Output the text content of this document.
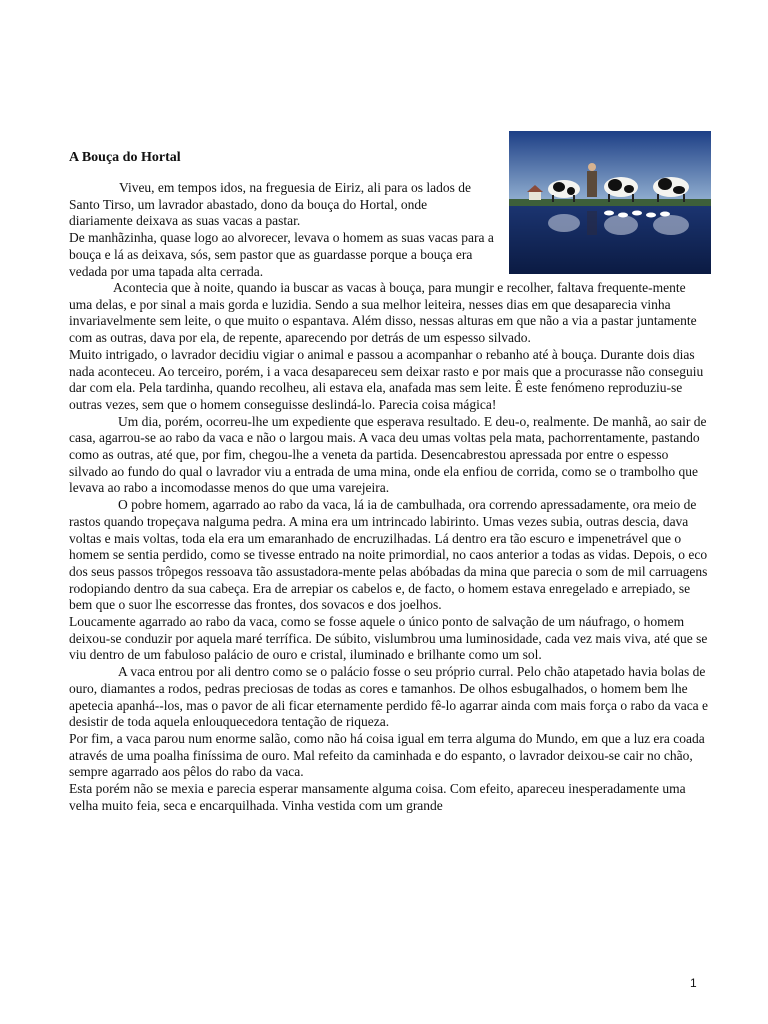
A Bouça do Hortal
Viveu, em tempos idos, na freguesia de Eiriz, ali para os lados de Santo Tirso, um lavrador abastado, dono da bouça do Hortal, onde diariamente deixava as suas vacas a pastar.
De manhãzinha, quase logo ao alvorecer, levava o homem as suas vacas para a bouça e lá as deixava, sós, sem pastor que as guardasse porque a bouça era vedada por uma tapada alta cerrada.
Acontecia que à noite, quando ia buscar as vacas à bouça, para mungir e recolher, faltava frequente-mente uma delas, e por sinal a mais gorda e luzidia. Sendo a sua melhor leiteira, nesses dias em que desaparecia vinha invariavelmente sem leite, o que muito o espantava. Além disso, nessas alturas em que não a via a pastar juntamente com as outras, dava por ela, de repente, aparecendo por detrás de um espesso silvado.
Muito intrigado, o lavrador decidiu vigiar o animal e passou a acompanhar o rebanho até à bouça. Durante dois dias nada aconteceu. Ao terceiro, porém, i a vaca desapareceu sem deixar rasto e por mais que a procurasse não conseguiu dar com ela. Pela tardinha, quando recolheu, ali estava ela, anafada mas sem leite. Ê este fenómeno reproduziu-se outras vezes, sem que o homem conseguisse deslindá-lo. Parecia coisa mágica!
Um dia, porém, ocorreu-lhe um expediente que esperava resultado. E deu-o, realmente. De manhã, ao sair de casa, agarrou-se ao rabo da vaca e não o largou mais. A vaca deu umas voltas pela mata, pachorrentamente, pastando como as outras, até que, por fim, chegou-lhe a veneta da partida. Desencabrestou apressada por entre o espesso silvado ao fundo do qual o lavrador viu a entrada de uma mina, onde ela enfiou de corrida, como se o trambolho que levava ao rabo a incomodasse menos do que uma varejeira.
O pobre homem, agarrado ao rabo da vaca, lá ia de cambulhada, ora correndo apressadamente, ora meio de rastos quando tropeçava nalguma pedra. A mina era um intrincado labirinto. Umas vezes subia, outras descia, dava voltas e mais voltas, toda ela era um emaranhado de encruzilhadas. Lá dentro era tão escuro e impenetrável que o homem se sentia perdido, como se tivesse entrado na noite primordial, no caos anterior a todas as vidas. Depois, o eco dos seus passos trôpegos ressoava tão assustadora-mente pelas abóbadas da mina que parecia o som de mil carruagens rodopiando dentro da sua cabeça. Era de arrepiar os cabelos e, de facto, o homem estava enregelado e arrepiado, se bem que o suor lhe escorresse das frontes, dos sovacos e dos joelhos.
Loucamente agarrado ao rabo da vaca, como se fosse aquele o único ponto de salvação de um náufrago, o homem deixou-se conduzir por aquela maré terrífica. De súbito, vislumbrou uma luminosidade, cada vez mais viva, até que se viu dentro de um fabuloso palácio de ouro e cristal, iluminado e brilhante como um sol.
A vaca entrou por ali dentro como se o palácio fosse o seu próprio curral. Pelo chão atapetado havia bolas de ouro, diamantes a rodos, pedras preciosas de todas as cores e tamanhos. De olhos esbugalhados, o homem bem lhe apetecia apanhá--los, mas o pavor de ali ficar eternamente perdido fê-lo agarrar ainda com mais força o rabo da vaca e desistir de toda aquela enlouquecedora tentação de riqueza.
Por fim, a vaca parou num enorme salão, como não há coisa igual em terra alguma do Mundo, em que a luz era coada através de uma poalha finíssima de ouro. Mal refeito da caminhada e do espanto, o lavrador deixou-se cair no chão, sempre agarrado aos pêlos do rabo da vaca.
Esta porém não se mexia e parecia esperar mansamente alguma coisa. Com efeito, apareceu inesperadamente uma velha muito feia, seca e encarquilhada. Vinha vestida com um grande
1
